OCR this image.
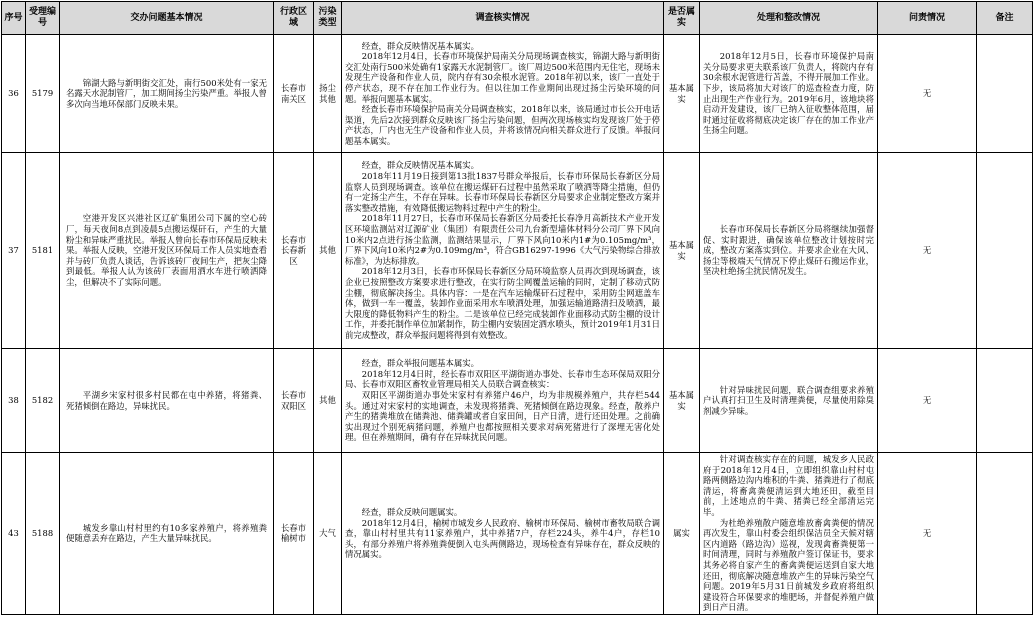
序号	受理编号	交办问题基本情况	行政区域	污染类型	调查核实情况	是否属实	处理和整改情况	问责情况	备注
36	5179	锦湖大路与新明街交汇处，南行500米处有一家无名露天水泥制管厂，加工期间扬尘污染严重。举报人曾多次向当地环保部门反映未果。	长春市南关区	扬尘其他	经查，群众反映情况基本属实。
2018年12月4日，长春市环境保护局南关分局现场调查核实，锦湖大路与新明街交汇处南行500米处确有1家露天水泥制管厂。该厂周边500米范围内无住宅，现场未发现生产设备和作业人员，院内存有30余根水泥管。2018年初以来，该厂一直处于停产状态，现不存在加工作业行为。但以往加工作业期间出现过扬尘污染环境的问题。举报问题基本属实。
经查长春市环境保护局南关分局调查核实，2018年以来，该局通过市长公开电话渠道，先后2次接到群众反映该厂扬尘污染问题，但两次现场核实均发现该厂处于停产状态，厂内也无生产设备和作业人员，并将该情况向相关群众进行了反馈。举报问题基本属实。	基本属实	2018年12月5日，长春市环境保护局南关分局要求更夫联系该厂负责人，将院内存有30余根水泥管进行苫盖，不得开展加工作业。下步，该局将加大对该厂的巡查检查力度，防止出现生产作业行为。2019年6月，该地块将启动开发建设，该厂已纳入征收整体范围，届时通过征收将彻底决定该厂存在的加工作业产生扬尘问题。	无	
37	5181	空港开发区兴港社区辽矿集团公司下属的空心砖厂，每天夜间8点到凌晨5点搬运煤矸石，产生的大量粉尘和异味严重扰民。举报人曾向长春市环保局反映未果。举报人反映，空港开发区环保局工作人员实地查看并与砖厂负责人谈话，告诉该砖厂夜间生产，把灰尘降到最低。举报人认为该砖厂表面用洒水车进行喷洒降尘，但解决不了实际问题。	长春市长春新区	其他	经查，群众反映情况基本属实。
2018年11月19日接到第13批1837号群众举报后，长春市环保局长春新区分局监察人员到现场调查。该单位在搬运煤矸石过程中虽然采取了喷洒等降尘措施，但仍有一定扬尘产生，不存在异味。长春市环保局长春新区分局要求企业制定整改方案并落实整改措施，有效降低搬运物料过程中产生的粉尘。
2018年11月27日，长春市环保局长春新区分局委托长春净月高新技术产业开发区环境监测站对辽源矿业（集团）有限责任公司九台新型墙体材料分公司厂界下风向10米内2点进行扬尘监测，监测结果显示，厂界下风向10米内1#为0.105mg/m³，厂界下风向10米内2#为0.109mg/m³，符合GB16297-1996《大气污染物综合排放标准》，为达标排放。
2018年12月3日，长春市环保局长春新区分局环境监察人员再次到现场调查，该企业已按照整改方案要求进行整改，在实行防尘网覆盖运输的同时，定制了移动式防尘棚，彻底解决扬尘。具体内容：一是在汽车运输煤矸石过程中，采用防尘网遮盖车体，做到一车一覆盖，装卸作业面采用水车喷洒处理，加强运输道路清扫及喷洒，最大限度的降低物料产生的粉尘。二是该单位已经完成装卸作业面移动式防尘棚的设计工作，并委托制作单位加紧制作，防尘棚内安装固定洒水喷头，预计2019年1月31日前完成整改，群众举报问题将得到有效整改。	基本属实	长春市环保局长春新区分局将继续加强督促、实时跟进，确保该单位整改计划按时完成，整改方案落实到位。并要求企业在大风、扬尘等极端天气情况下停止煤矸石搬运作业，坚决杜绝扬尘扰民情况发生。	无	
38	5182	平湖乡宋家村很多村民都在屯中养猪，将猪粪、死猪倾倒在路边，异味扰民。	长春市双阳区	其他	经查，群众举报问题基本属实。
2018年12月4日时，经长春市双阳区平湖街道办事处、长春市生态环保局双阳分局、长春市双阳区畜牧业管理局相关人员联合调查核实：
双阳区平湖街道办事处宋家村有养猪户46户，均为非规模养殖户，共存栏544头。通过对宋家村的实地调查，未发现将猪粪、死猪倾倒在路边现象。经查，散养户产生的猪粪堆放在储粪池、储粪罐或者自家田间，日产日清，进行还田处理。之前确实出现过个别死病猪问题，养殖户也都按照相关要求对病死猪进行了深埋无害化处理。但在养殖期间，确有存在异味扰民问题。	基本属实	针对异味扰民问题，联合调查组要求养殖户认真打扫卫生及时清理粪便，尽量使用除臭剂减少异味。	无	
43	5188	城发乡靠山村村里约有10多家养殖户，将养殖粪便随意丢弃在路边，产生大量异味扰民。	长春市榆树市	大气	经查，群众反映问题属实。
2018年12月4日，榆树市城发乡人民政府、榆树市环保局、榆树市畜牧局联合调查，靠山村村里共有11家养殖户，其中养猪7户，存栏224头，养牛4户，存栏10头，有部分养殖户将养殖粪便倒入屯头两侧路边，现场检查有异味存在，群众反映的情况属实。	属实	针对调查核实存在的问题，城发乡人民政府于2018年12月4日，立即组织靠山村村屯路两侧路边沟内堆积的牛粪、猪粪进行了彻底清运，将畜禽粪便清运到大地还田，截至目前，上述地点的牛粪、猪粪已经全部清运完毕。
为杜绝养殖散户随意堆放畜禽粪便的情况再次发生，靠山村委会组织保洁员全天候对辖区内道路（路边沟）巡视，发现禽畜粪便第一时间清理，同时与养殖散户签订保证书，要求其务必将自家产生的畜禽粪便运送到自家大地还田，彻底解决随意堆放产生的异味污染空气问题。2019年5月31日前城发乡政府将组织建设符合环保要求的堆肥场，并督促养殖户做到日产日清。	无	
